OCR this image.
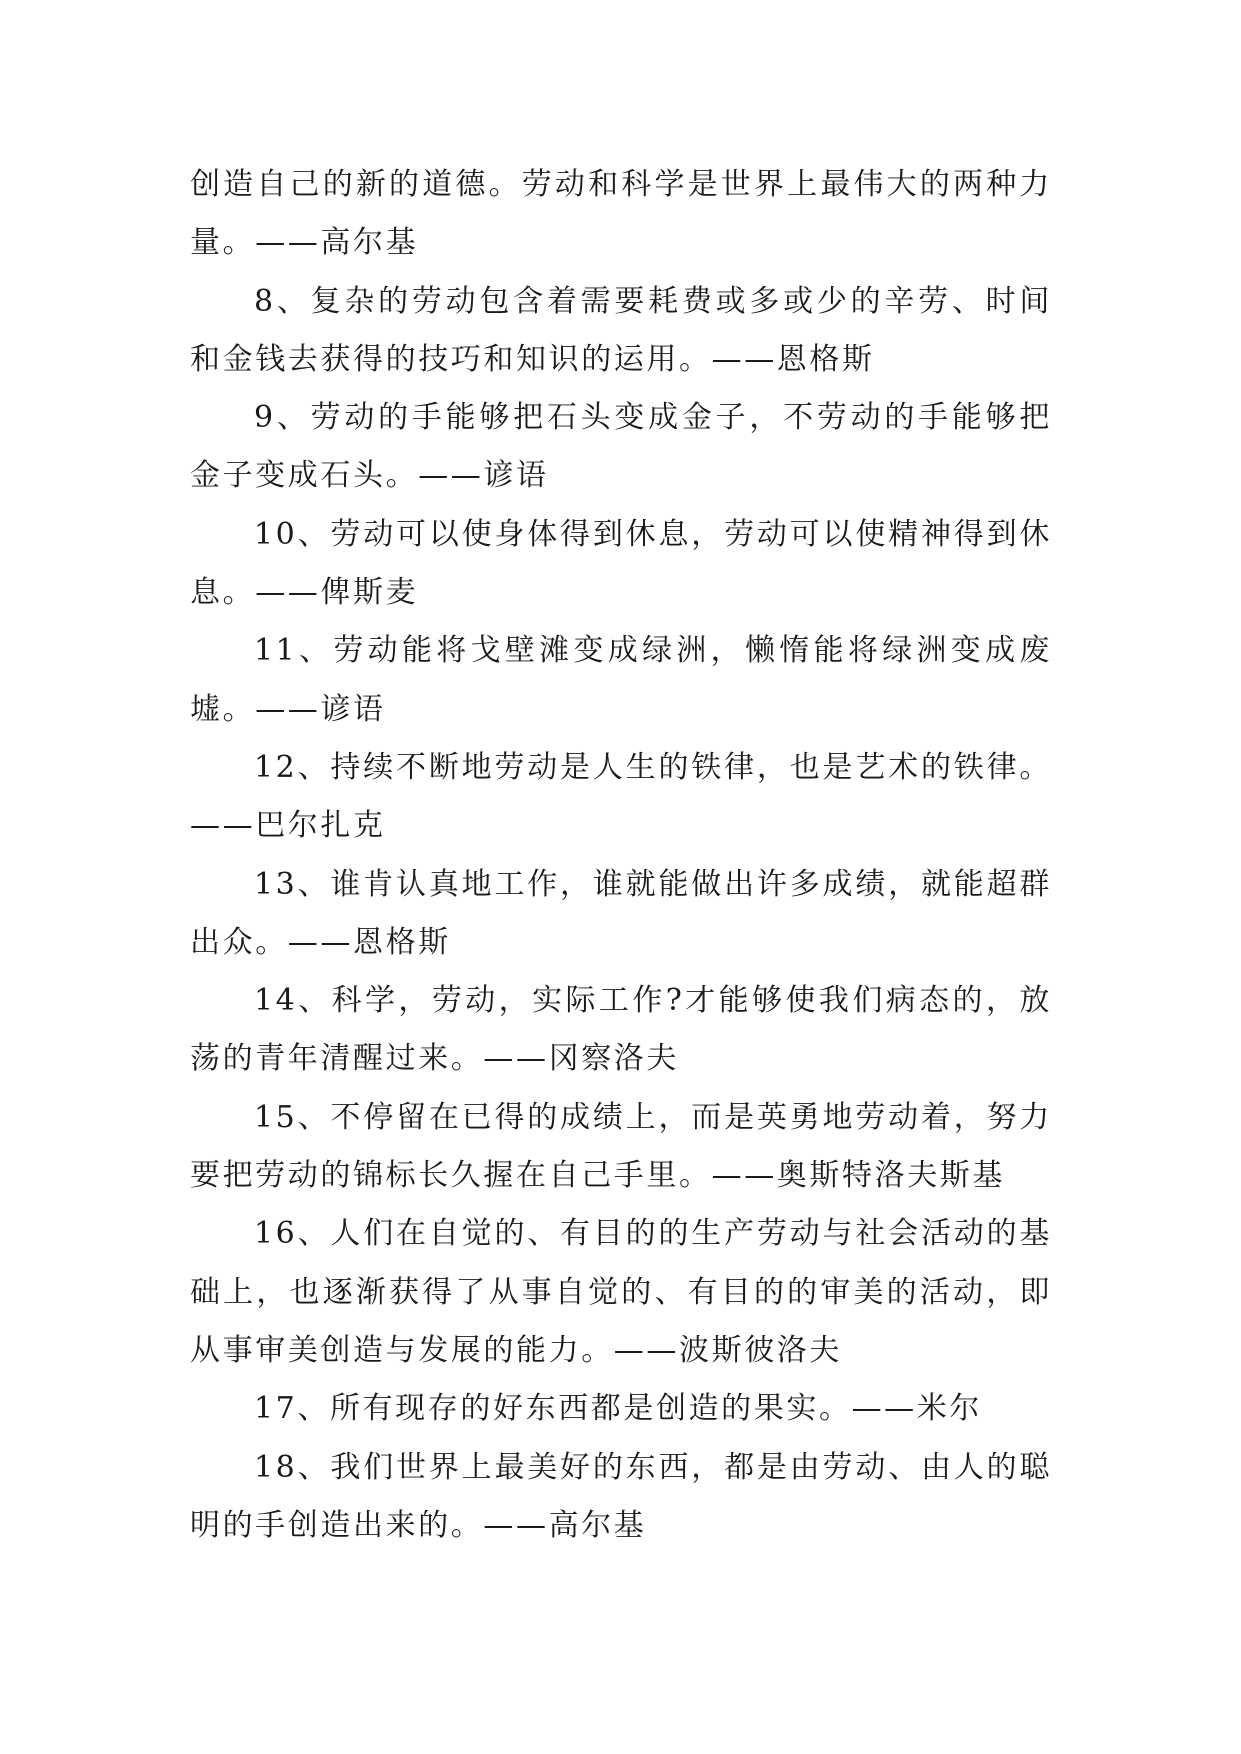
创造自己的新的道德。劳动和科学是世界上最伟大的两种力量。——高尔基

8、复杂的劳动包含着需要耗费或多或少的辛劳、时间和金钱去获得的技巧和知识的运用。——恩格斯

9、劳动的手能够把石头变成金子，不劳动的手能够把金子变成石头。——谚语

10、劳动可以使身体得到休息，劳动可以使精神得到休息。——俾斯麦

11、劳动能将戈壁滩变成绿洲，懒惰能将绿洲变成废墟。——谚语

12、持续不断地劳动是人生的铁律，也是艺术的铁律。——巴尔扎克

13、谁肯认真地工作，谁就能做出许多成绩，就能超群出众。——恩格斯

14、科学，劳动，实际工作?才能够使我们病态的，放荡的青年清醒过来。——冈察洛夫

15、不停留在已得的成绩上，而是英勇地劳动着，努力要把劳动的锦标长久握在自己手里。——奥斯特洛夫斯基

16、人们在自觉的、有目的的生产劳动与社会活动的基础上，也逐渐获得了从事自觉的、有目的的审美的活动，即从事审美创造与发展的能力。——波斯彼洛夫

17、所有现存的好东西都是创造的果实。——米尔

18、我们世界上最美好的东西，都是由劳动、由人的聪明的手创造出来的。——高尔基
